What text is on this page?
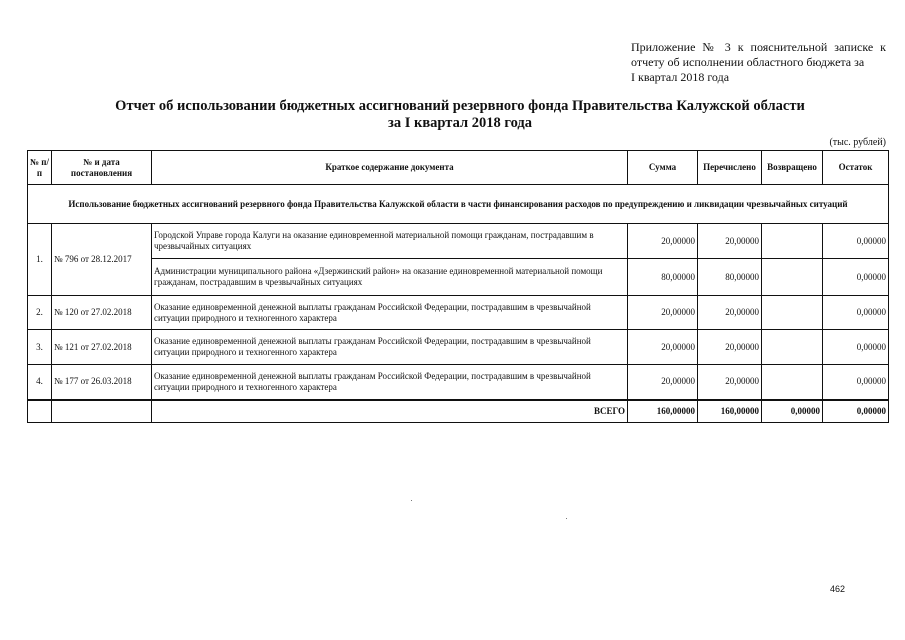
Приложение № 3 к пояснительной записке к
отчету об исполнении областного бюджета за
I квартал 2018 года
Отчет об использовании бюджетных ассигнований резервного фонда Правительства Калужской области
за I квартал 2018 года
(тыс. рублей)
№ п/п	№ и дата постановления	Краткое содержание документа	Сумма	Перечислено	Возвращено	Остаток
Использование бюджетных ассигнований резервного фонда Правительства Калужской области в части финансирования расходов по предупреждению и ликвидации чрезвычайных ситуаций						
1.	№ 796 от 28.12.2017	Городской Управе города Калуги на оказание единовременной материальной помощи гражданам, пострадавшим в чрезвычайных ситуациях	20,00000	20,00000		0,00000
		Администрации муниципального района «Дзержинский район» на оказание единовременной материальной помощи гражданам, пострадавшим в чрезвычайных ситуациях	80,00000	80,00000		0,00000
2.	№ 120 от 27.02.2018	Оказание единовременной денежной выплаты гражданам Российской Федерации, пострадавшим в чрезвычайной ситуации природного и техногенного характера	20,00000	20,00000		0,00000
3.	№ 121 от 27.02.2018	Оказание единовременной денежной выплаты гражданам Российской Федерации, пострадавшим в чрезвычайной ситуации природного и техногенного характера	20,00000	20,00000		0,00000
4.	№ 177 от 26.03.2018	Оказание единовременной денежной выплаты гражданам Российской Федерации, пострадавшим в чрезвычайной ситуации природного и техногенного характера	20,00000	20,00000		0,00000
		ВСЕГО	160,00000	160,00000	0,00000	0,00000
462
